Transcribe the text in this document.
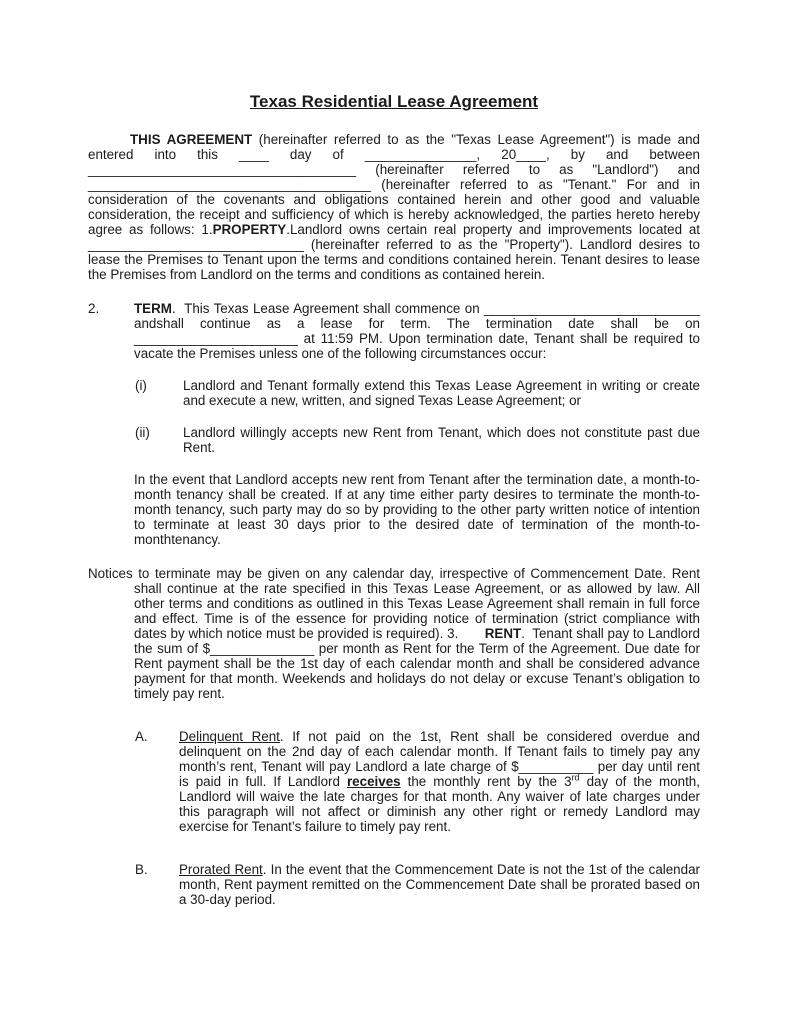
Texas Residential Lease Agreement

THIS AGREEMENT (hereinafter referred to as the "Texas Lease Agreement") is made and entered into this ____ day of _______________, 20____, by and between ____________________________________ (hereinafter referred to as "Landlord") and ______________________________________ (hereinafter referred to as "Tenant." For and in consideration of the covenants and obligations contained herein and other good and valuable consideration, the receipt and sufficiency of which is hereby acknowledged, the parties hereto hereby agree as follows: 1.PROPERTY.Landlord owns certain real property and improvements located at _____________________________ (hereinafter referred to as the "Property"). Landlord desires to lease the Premises to Tenant upon the terms and conditions contained herein. Tenant desires to lease the Premises from Landlord on the terms and conditions as contained herein.

2.	TERM.  This Texas Lease Agreement shall commence on _____________________________ andshall continue as a lease for term. The termination date shall be on ______________________ at 11:59 PM. Upon termination date, Tenant shall be required to vacate the Premises unless one of the following circumstances occur:
(i)	Landlord and Tenant formally extend this Texas Lease Agreement in writing or create and execute a new, written, and signed Texas Lease Agreement; or
(ii) Landlord willingly accepts new Rent from Tenant, which does not constitute past due Rent.

In the event that Landlord accepts new rent from Tenant after the termination date, a month-to-month tenancy shall be created. If at any time either party desires to terminate the month-to-month tenancy, such party may do so by providing to the other party written notice of intention to terminate at least 30 days prior to the desired date of termination of the month-to-monthtenancy.

Notices to terminate may be given on any calendar day, irrespective of Commencement Date. Rent shall continue at the rate specified in this Texas Lease Agreement, or as allowed by law. All other terms and conditions as outlined in this Texas Lease Agreement shall remain in full force and effect. Time is of the essence for providing notice of termination (strict compliance with dates by which notice must be provided is required). 3.       RENT.  Tenant shall pay to Landlord the sum of $______________ per month as Rent for the Term of the Agreement. Due date for Rent payment shall be the 1st day of each calendar month and shall be considered advance payment for that month. Weekends and holidays do not delay or excuse Tenant’s obligation to timely pay rent.

A. Delinquent Rent. If not paid on the 1st, Rent shall be considered overdue and delinquent on the 2nd day of each calendar month. If Tenant fails to timely pay any month’s rent, Tenant will pay Landlord a late charge of $__________ per day until rent is paid in full. If Landlord receives the monthly rent by the 3rd day of the month, Landlord will waive the late charges for that month. Any waiver of late charges under this paragraph will not affect or diminish any other right or remedy Landlord may exercise for Tenant’s failure to timely pay rent.
B. Prorated Rent. In the event that the Commencement Date is not the 1st of the calendar month, Rent payment remitted on the Commencement Date shall be prorated based on a 30-day period.
